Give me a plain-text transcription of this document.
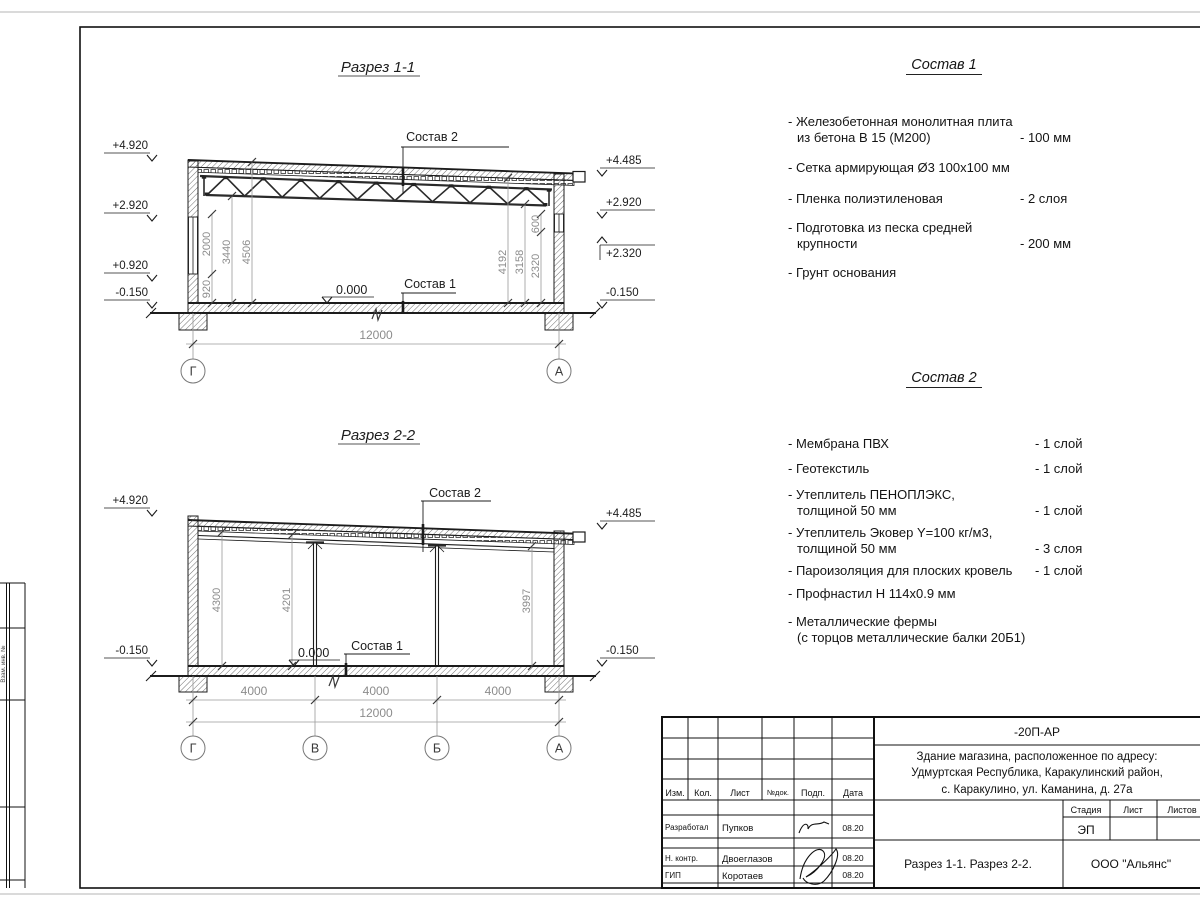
Взам. инв. №
Разрез 1-1
12000
Г	А
920
2000 3440 4506	4192 3158 2320
600
+4.920
+2.920
+0.920
-0.150
+4.485
+2.920
+2.320
-0.150
0.000
Состав 2
Состав 1
Разрез 2-2
4000	4000	4000
12000
Г	В	Б	А
4300	4201	3997
+4.920
-0.150
+4.485
-0.150
0.000
Состав 2
Состав 1
Изм. Кол. Лист №док. Подп. Дата
Разработал Пупков	08.20
Н. контр.	Двоеглазов	08.20
ГИП	Коротаев	08.20
-20П-АР
Здание магазина, расположенное по адресу:
Удмуртская Республика, Каракулинский район,
с. Каракулино, ул. Каманина, д. 27а
Стадия Лист	Листов
ЭП
Разрез 1-1. Разрез 2-2.	ООО "Альянс"
Состав 1
- Железобетонная монолитная плита
из бетона В 15 (М200)	- 100 мм
- Сетка армирующая Ø3 100х100 мм
- Пленка полиэтиленовая	- 2 слоя
- Подготовка из песка средней
крупности	- 200 мм
- Грунт основания
Состав 2
- Мембрана ПВХ	- 1 слой
- Геотекстиль	- 1 слой
- Утеплитель ПЕНОПЛЭКС,
толщиной 50 мм	- 1 слой
- Утеплитель Эковер Y=100 кг/м3,
толщиной 50 мм	- 3 слоя
- Пароизоляция для плоских кровель	- 1 слой
- Профнастил Н 114х0.9 мм
- Металлические фермы
(с торцов металлические балки 20Б1)
